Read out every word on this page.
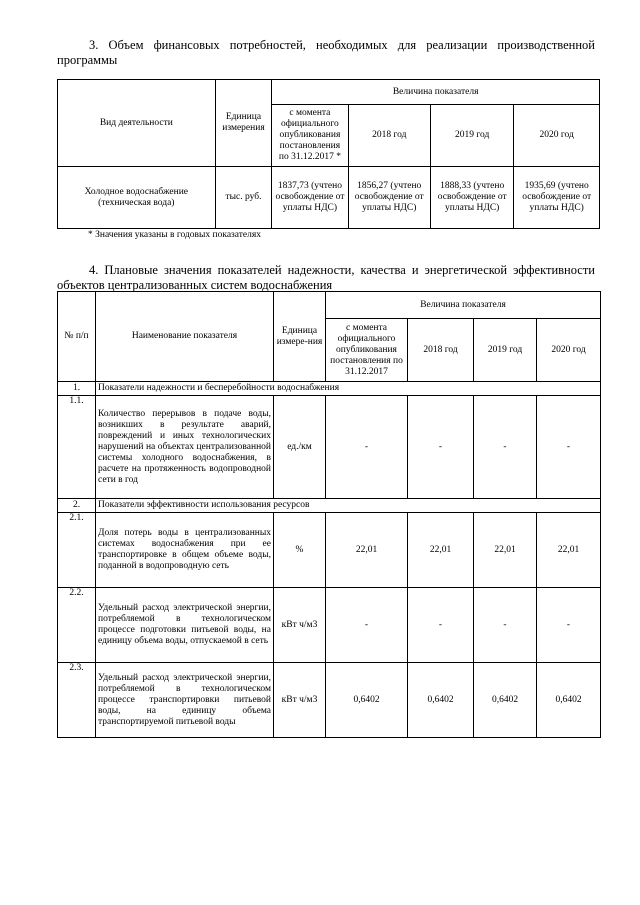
3. Объем финансовых потребностей, необходимых для реализации производственной программы
Вид деятельности	Единица измерения	Величина показателя			
		с момента официального опубликования постановления по 31.12.2017 *	2018 год	2019 год	2020 год
Холодное водоснабжение (техническая вода)	тыс. руб.	1837,73 (учтено освобождение от уплаты НДС)	1856,27 (учтено освобождение от уплаты НДС)	1888,33 (учтено освобождение от уплаты НДС)	1935,69 (учтено освобождение от уплаты НДС)
* Значения указаны в годовых показателях
4. Плановые значения показателей надежности, качества и энергетической эффективности объектов централизованных систем водоснабжения
№ п/п	Наименование показателя	Единица измере-ния	Величина показателя			
			с момента официального опубликования постановления по 31.12.2017	2018 год	2019 год	2020 год
1.	Показатели надежности и бесперебойности водоснабжения					
1.1.	Количество перерывов в подаче воды, возникших в результате аварий, повреждений и иных технологических нарушений на объектах централизованной системы холодного водоснабжения, в расчете на протяженность водопроводной сети в год	ед./км	-	-	-	-
2.	Показатели эффективности использования ресурсов					
2.1.	Доля потерь воды в централизованных системах водоснабжения при ее транспортировке в общем объеме воды, поданной в водопроводную сеть	%	22,01	22,01	22,01	22,01
2.2.	Удельный расход электрической энергии, потребляемой в технологическом процессе подготовки питьевой воды, на единицу объема воды, отпускаемой в сеть	кВт ч/м3	-	-	-	-
2.3.	Удельный расход электрической энергии, потребляемой в технологическом процессе транспортировки питьевой воды, на единицу объема транспортируемой питьевой воды	кВт ч/м3	0,6402	0,6402	0,6402	0,6402
